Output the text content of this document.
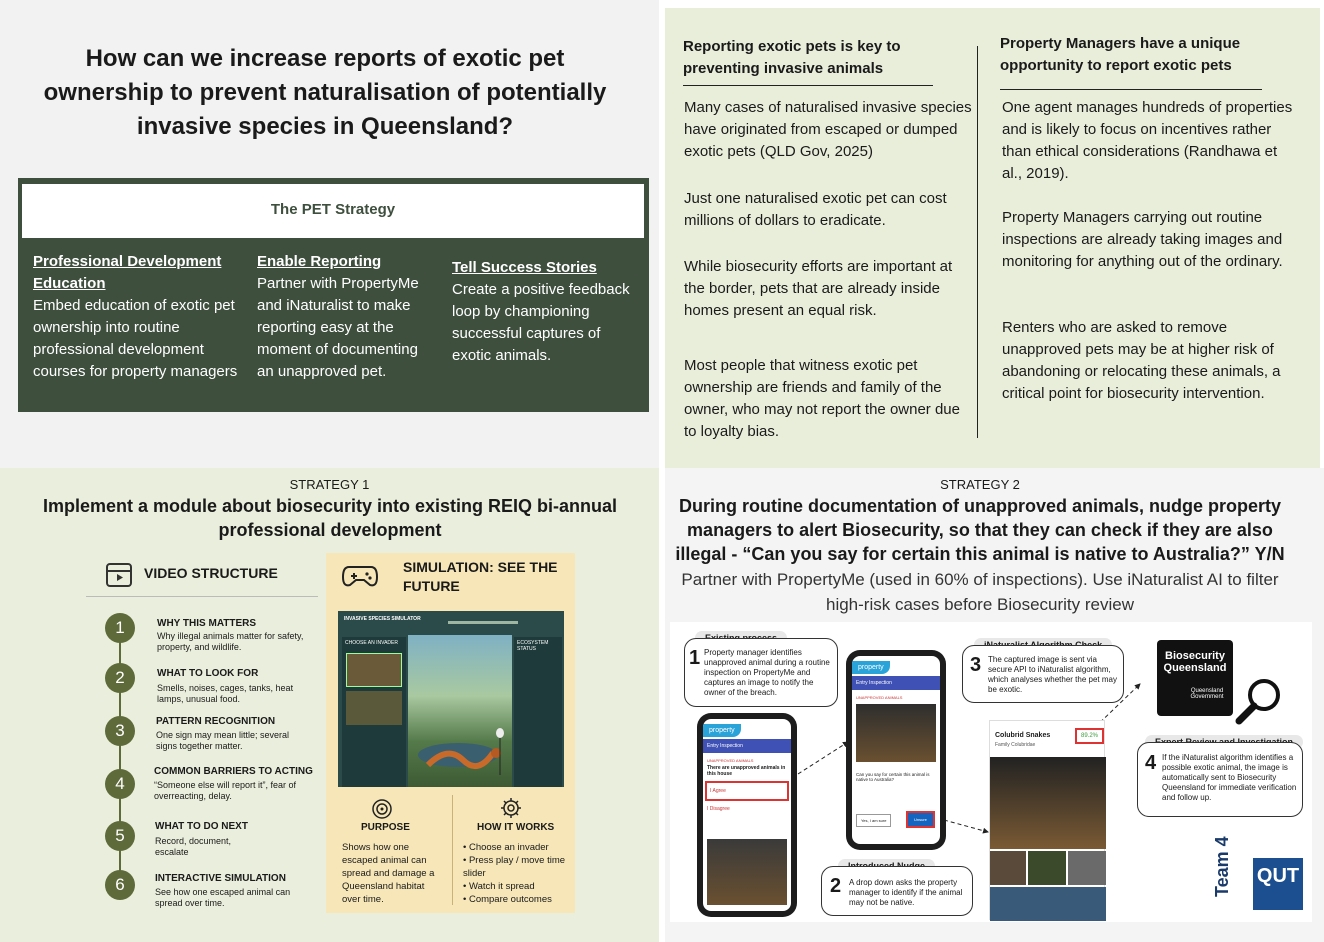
How can we increase reports of exotic pet ownership to prevent naturalisation of potentially invasive species in Queensland?
The PET Strategy
Professional Development Education
Embed education of exotic pet ownership into routine professional development courses for property managers
Enable Reporting
Partner with PropertyMe and iNaturalist to make reporting easy at the moment of documenting an unapproved pet.
Tell Success Stories
Create a positive feedback loop by championing successful captures of exotic animals.
Reporting exotic pets is key to preventing invasive animals
Many cases of naturalised invasive species have originated from escaped or dumped exotic pets (QLD Gov, 2025)
Just one naturalised exotic pet can cost millions of dollars to eradicate.
While biosecurity efforts are important at the border, pets that are already inside homes present an equal risk.
Most people that witness exotic pet ownership are friends and family of the owner, who may not report the owner due to loyalty bias.
Property Managers have a unique opportunity to report exotic pets
One agent manages hundreds of properties and is likely to focus on incentives rather than ethical considerations (Randhawa et al., 2019).
Property Managers carrying out routine inspections are already taking images and monitoring for anything out of the ordinary.
Renters who are asked to remove unapproved pets may be at higher risk of abandoning or relocating these animals, a critical point for biosecurity intervention.
STRATEGY 1
Implement a module about biosecurity into existing REIQ bi-annual professional development
VIDEO STRUCTURE
1	WHY THIS MATTERS
Why illegal animals matter for safety, property, and wildlife.
2	WHAT TO LOOK FOR
Smells, noises, cages, tanks, heat lamps, unusual food.
3	PATTERN RECOGNITION
One sign may mean little; several signs together matter.
4
COMMON BARRIERS TO ACTING
“Someone else will report it”, fear of overreacting, delay.
5	WHAT TO DO NEXT
Record, document, escalate
6	INTERACTIVE SIMULATION
See how one escaped animal can spread over time.
SIMULATION: SEE THE FUTURE
INVASIVE SPECIES SIMULATOR
CHOOSE AN INVADER	ECOSYSTEM STATUS
PURPOSE
Shows how one escaped animal can spread and damage a Queensland habitat over time.
HOW IT WORKS
• Choose an invader
• Press play / move time slider
• Watch it spread
• Compare outcomes
STRATEGY 2
During routine documentation of unapproved animals, nudge property managers to alert Biosecurity, so that they can check if they are also illegal - “Can you say for certain this animal is native to Australia?” Y/N
Partner with PropertyMe (used in 60% of inspections). Use iNaturalist AI to filter high-risk cases before Biosecurity review
1 Property manager identifies unapproved animal during a routine inspection on PropertyMe and captures an image to notify the owner of the breach.
property
Entry Inspection
UNAPPROVED ANIMALS
There are unapproved animals in this house
I Agree
I Disagree
property
Entry Inspection
UNAPPROVED ANIMALS
Can you say for certain this animal is native to Australia?
Yes, I am sure	Unsure
2 A drop down asks the property manager to identify if the animal may not be native.
3 The captured image is sent via secure API to iNaturalist algorithm, which analyses whether the pet may be exotic.
Colubrid Snakes
Family Colubridae
89.2%
Biosecurity
Queensland
Queensland
Government
4 If the iNaturalist algorithm identifies a possible exotic animal, the image is automatically sent to Biosecurity Queensland for immediate verification and follow up.
Team 4 QUT
